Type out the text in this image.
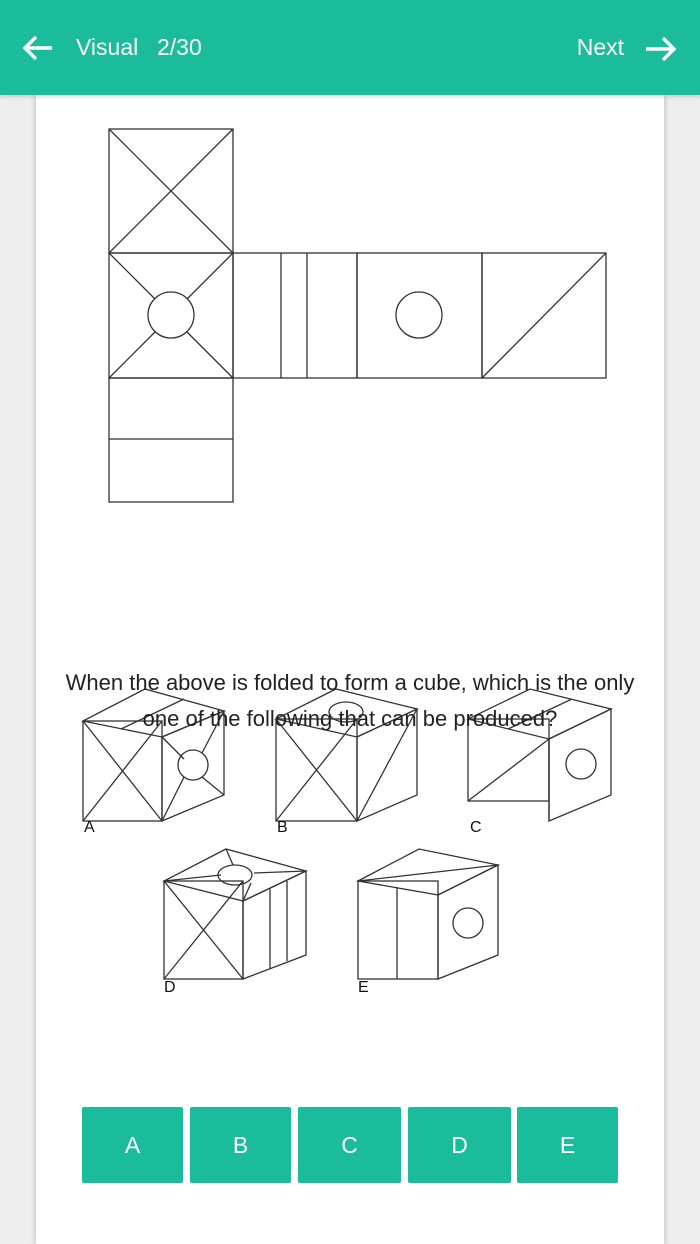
Visual 2/30	Next
When the above is folded to form a cube, which is the only one of the following that can be produced?
A	B	C
D	E
A	B	C	D	E
